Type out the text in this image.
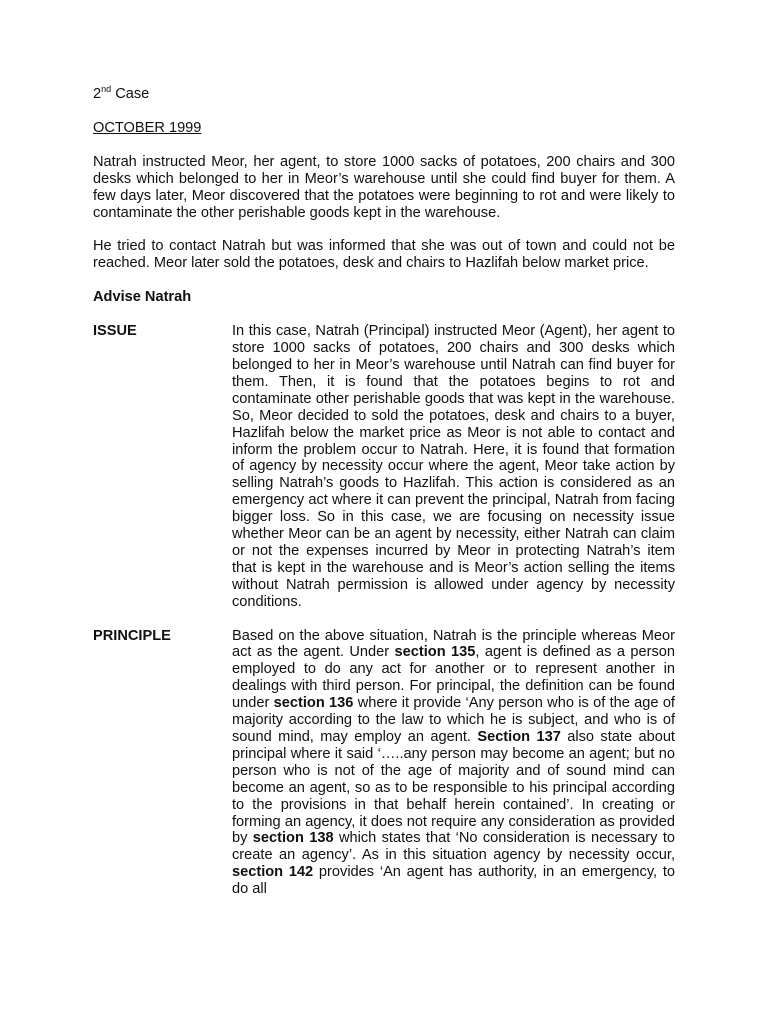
2nd Case

OCTOBER 1999

Natrah instructed Meor, her agent, to store 1000 sacks of potatoes, 200 chairs and 300 desks which belonged to her in Meor’s warehouse until she could find buyer for them. A few days later, Meor discovered that the potatoes were beginning to rot and were likely to contaminate the other perishable goods kept in the warehouse.

He tried to contact Natrah but was informed that she was out of town and could not be reached. Meor later sold the potatoes, desk and chairs to Hazlifah below market price.

Advise Natrah

ISSUE	In this case, Natrah (Principal) instructed Meor (Agent), her agent to store 1000 sacks of potatoes, 200 chairs and 300 desks which belonged to her in Meor’s warehouse until Natrah can find buyer for them. Then, it is found that the potatoes begins to rot and contaminate other perishable goods that was kept in the warehouse. So, Meor decided to sold the potatoes, desk and chairs to a buyer, Hazlifah below the market price as Meor is not able to contact and inform the problem occur to Natrah. Here, it is found that formation of agency by necessity occur where the agent, Meor take action by selling Natrah’s goods to Hazlifah. This action is considered as an emergency act where it can prevent the principal, Natrah from facing bigger loss. So in this case, we are focusing on necessity issue whether Meor can be an agent by necessity, either Natrah can claim or not the expenses incurred by Meor in protecting Natrah’s item that is kept in the warehouse and is Meor’s action selling the items without Natrah permission is allowed under agency by necessity conditions.
PRINCIPLE	Based on the above situation, Natrah is the principle whereas Meor act as the agent. Under section 135, agent is defined as a person employed to do any act for another or to represent another in dealings with third person. For principal, the definition can be found under section 136 where it provide ‘Any person who is of the age of majority according to the law to which he is subject, and who is of sound mind, may employ an agent. Section 137 also state about principal where it said ‘…..any person may become an agent; but no person who is not of the age of majority and of sound mind can become an agent, so as to be responsible to his principal according to the provisions in that behalf herein contained’. In creating or forming an agency, it does not require any consideration as provided by section 138 which states that ‘No consideration is necessary to create an agency’. As in this situation agency by necessity occur, section 142 provides ‘An agent has authority, in an emergency, to do all
